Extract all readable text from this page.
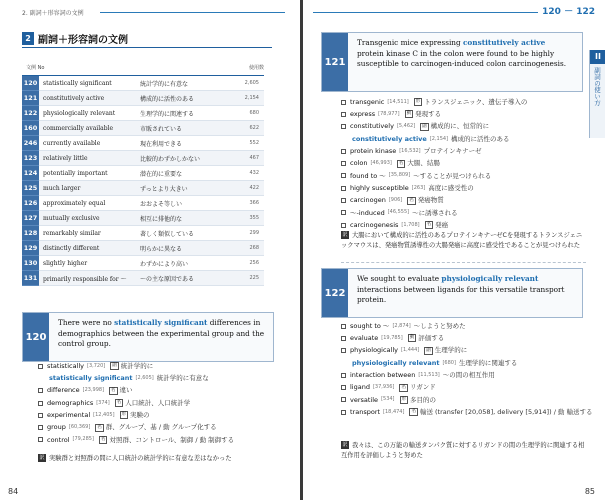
2. 副詞＋形容詞の文例
2 副詞＋形容詞の文例
文例 No	使用数
120 statistically significant	統計学的に有意な	2,605
121 constitutively active	構成的に活性のある	2,154
122 physiologically relevant	生理学的に関連する	680
160 commercially available	市販されている	622
246 currently available	現在利用できる	552
123 relatively little	比較的わずかしかない	467
124 potentially important	潜在的に重要な	432
125 much larger	ずっとより大きい	422
126 approximately equal	おおよそ等しい	366
127 mutually exclusive	相互に排他的な	355
128 remarkably similar	著しく類似している	299
129 distinctly different	明らかに異なる	268
130 slightly higher	わずかにより高い	256
131 primarily responsible for ～	～の主な原因である	225
120
There were no statistically significant differences in demographics between the experimental group and the control group.
statistically [3,720]	副 統計学的に
statistically significant [2,605] 統計学的に有意な
difference [23,998]	名 違い
demographics [374]	名 人口統計、人口統計学
experimental [12,405]	形 実験の
group [60,369]	名 群、グループ、基 / 動 グループ化する
control [79,285]	名 対照群、コントロール、制御 / 動 制御する
訳 実験群と対照群の間に人口統計の統計学的に有意な差はなかった
84
120 － 122
II
副詞の使い方
121
Transgenic mice expressing constitutively active protein kinase C in the colon were found to be highly susceptible to carcinogen-induced colon carcinogenesis.
transgenic [14,511]	形 トランスジェニック、遺伝子導入の
express [78,977]	動 発現する
constitutively [5,462]	副 構成的に、恒常的に
constitutively active [2,154] 構成的に活性のある
protein kinase [16,532] プロテインキナーゼ
colon [46,993]	名 大腸、結腸
found to ～ [35,809] ～することが見つけられる
highly susceptible [263] 高度に感受性の
carcinogen [906]	名 発癌物質
～-induced [46,555] ～に誘導される
carcinogenesis [1,708]	名 発癌
訳 大腸において構成的に活性のあるプロテインキナーゼCを発現するトランスジェニックマウスは、発癌物質誘導性の大腸発癌に高度に感受性であることが見つけられた
122
We sought to evaluate physiologically relevant interactions between ligands for this versatile transport protein.
sought to ～ [2,874] ～しようと努めた
evaluate [19,785]	動 評価する
physiologically [1,444]	副 生理学的に
physiologically relevant [680] 生理学的に関連する
interaction between [11,513] ～の間の相互作用
ligand [37,936]	名 リガンド
versatile [534]	形 多目的の
transport [18,474]	名 輸送 (transfer [20,058], delivery [5,914]) / 動 輸送する
訳 我々は、この万能の輸送タンパク質に対するリガンドの間の生理学的に関連する相互作用を評価しようと努めた
85
